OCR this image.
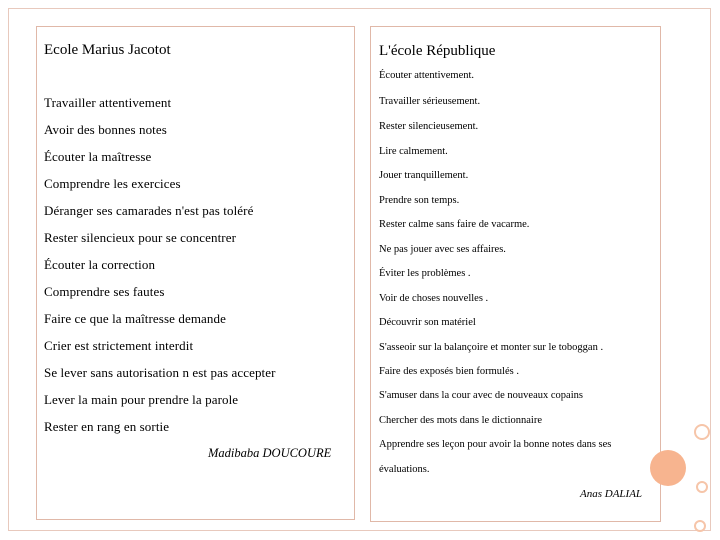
Ecole Marius Jacotot
Travailler attentivement
Avoir des bonnes notes
Écouter la maîtresse
Comprendre les exercices
Déranger ses camarades n'est pas toléré
Rester silencieux pour se concentrer
Écouter la correction
Comprendre ses fautes
Faire ce que la maîtresse demande
Crier est strictement interdit
Se lever sans autorisation n est pas accepter
Lever la main pour prendre la parole
Rester en rang en sortie
Madibaba DOUCOURE
L'école République
Écouter attentivement.
Travailler sérieusement.
Rester silencieusement.
Lire calmement.
Jouer tranquillement.
Prendre son temps.
Rester calme sans faire de vacarme.
Ne pas jouer avec ses affaires.
Éviter les problèmes .
Voir de choses nouvelles .
Découvrir son matériel
S'asseoir sur la balançoire et monter sur le toboggan .
Faire des exposés bien formulés .
S'amuser dans la cour avec de nouveaux copains
Chercher des mots dans le dictionnaire
Apprendre ses leçon pour avoir la bonne notes dans ses
évaluations.
Anas DALIAL
